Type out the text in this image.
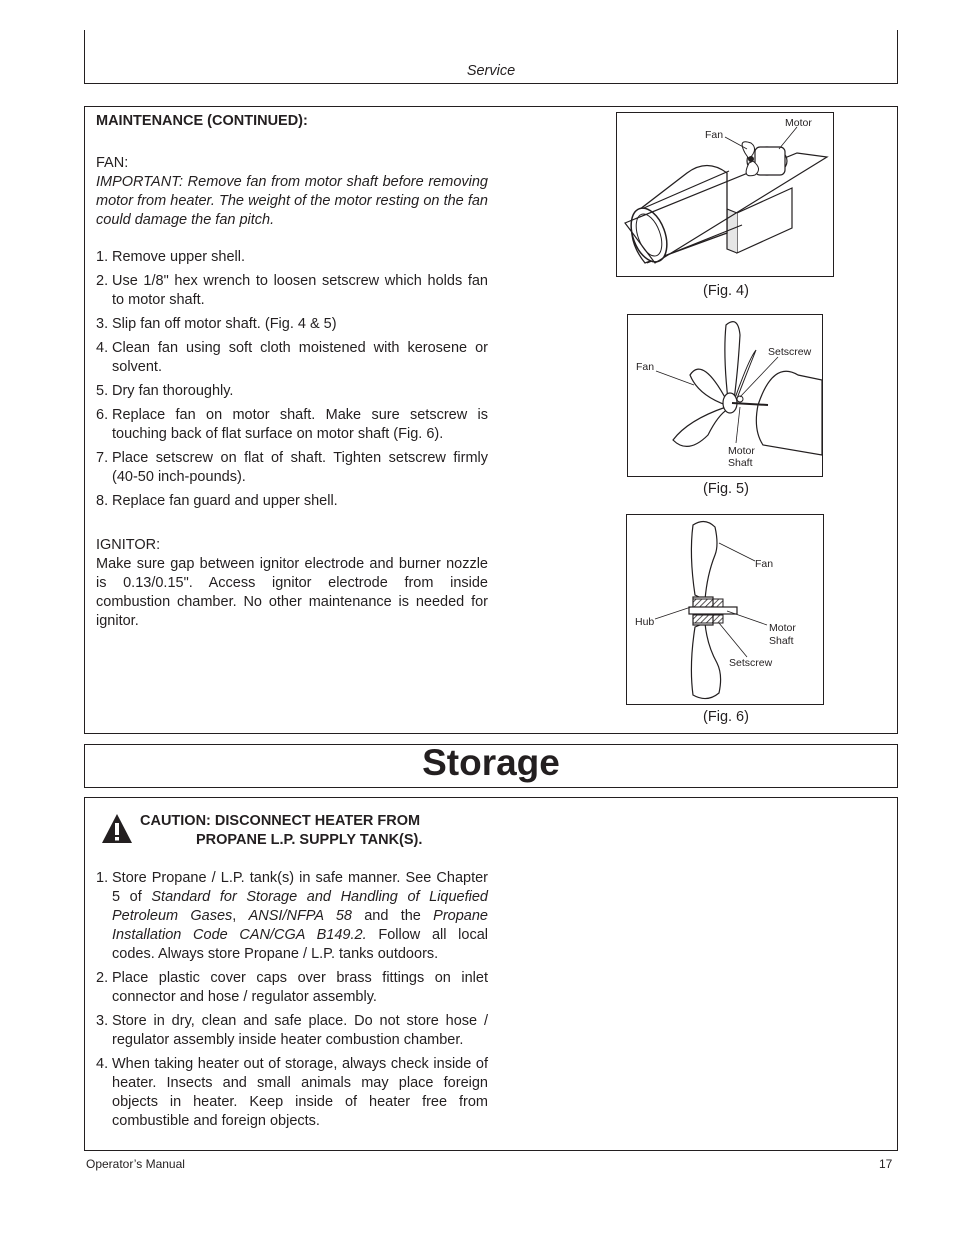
Service
MAINTENANCE (CONTINUED):
FAN:
IMPORTANT: Remove fan from motor shaft before removing motor from heater. The weight of the motor resting on the fan could damage the fan pitch.
1. Remove upper shell.
2. Use 1/8" hex wrench to loosen setscrew which holds fan to motor shaft.
3. Slip fan off motor shaft. (Fig. 4 & 5)
4. Clean fan using soft cloth moistened with kerosene or solvent.
5. Dry fan thoroughly.
6. Replace fan on motor shaft. Make sure setscrew is touching back of flat surface on motor shaft (Fig. 6).
7. Place setscrew on flat of shaft. Tighten setscrew firmly (40-50 inch-pounds).
8. Replace fan guard and upper shell.
IGNITOR:
Make sure gap between ignitor electrode and burner nozzle is 0.13/0.15". Access ignitor electrode from inside combustion chamber. No other maintenance is needed for ignitor.
Fan
Motor
(Fig. 4)
Fan
Setscrew
Motor
Shaft
(Fig. 5)
Fan
Hub	Motor
Shaft
Setscrew
(Fig. 6)
Storage
CAUTION: DISCONNECT HEATER FROM
PROPANE L.P. SUPPLY TANK(S).
1. Store Propane / L.P. tank(s) in safe manner. See Chapter 5 of Standard for Storage and Handling of Liquefied Petroleum Gases, ANSI/NFPA 58 and the Propane Installation Code CAN/CGA B149.2. Follow all local codes. Always store Propane / L.P. tanks outdoors.
2. Place plastic cover caps over brass fittings on inlet connector and hose / regulator assembly.
3. Store in dry, clean and safe place. Do not store hose / regulator assembly inside heater combustion chamber.
4. When taking heater out of storage, always check inside of heater. Insects and small animals may place foreign objects in heater. Keep inside of heater free from combustible and foreign objects.
Operator’s Manual	17
